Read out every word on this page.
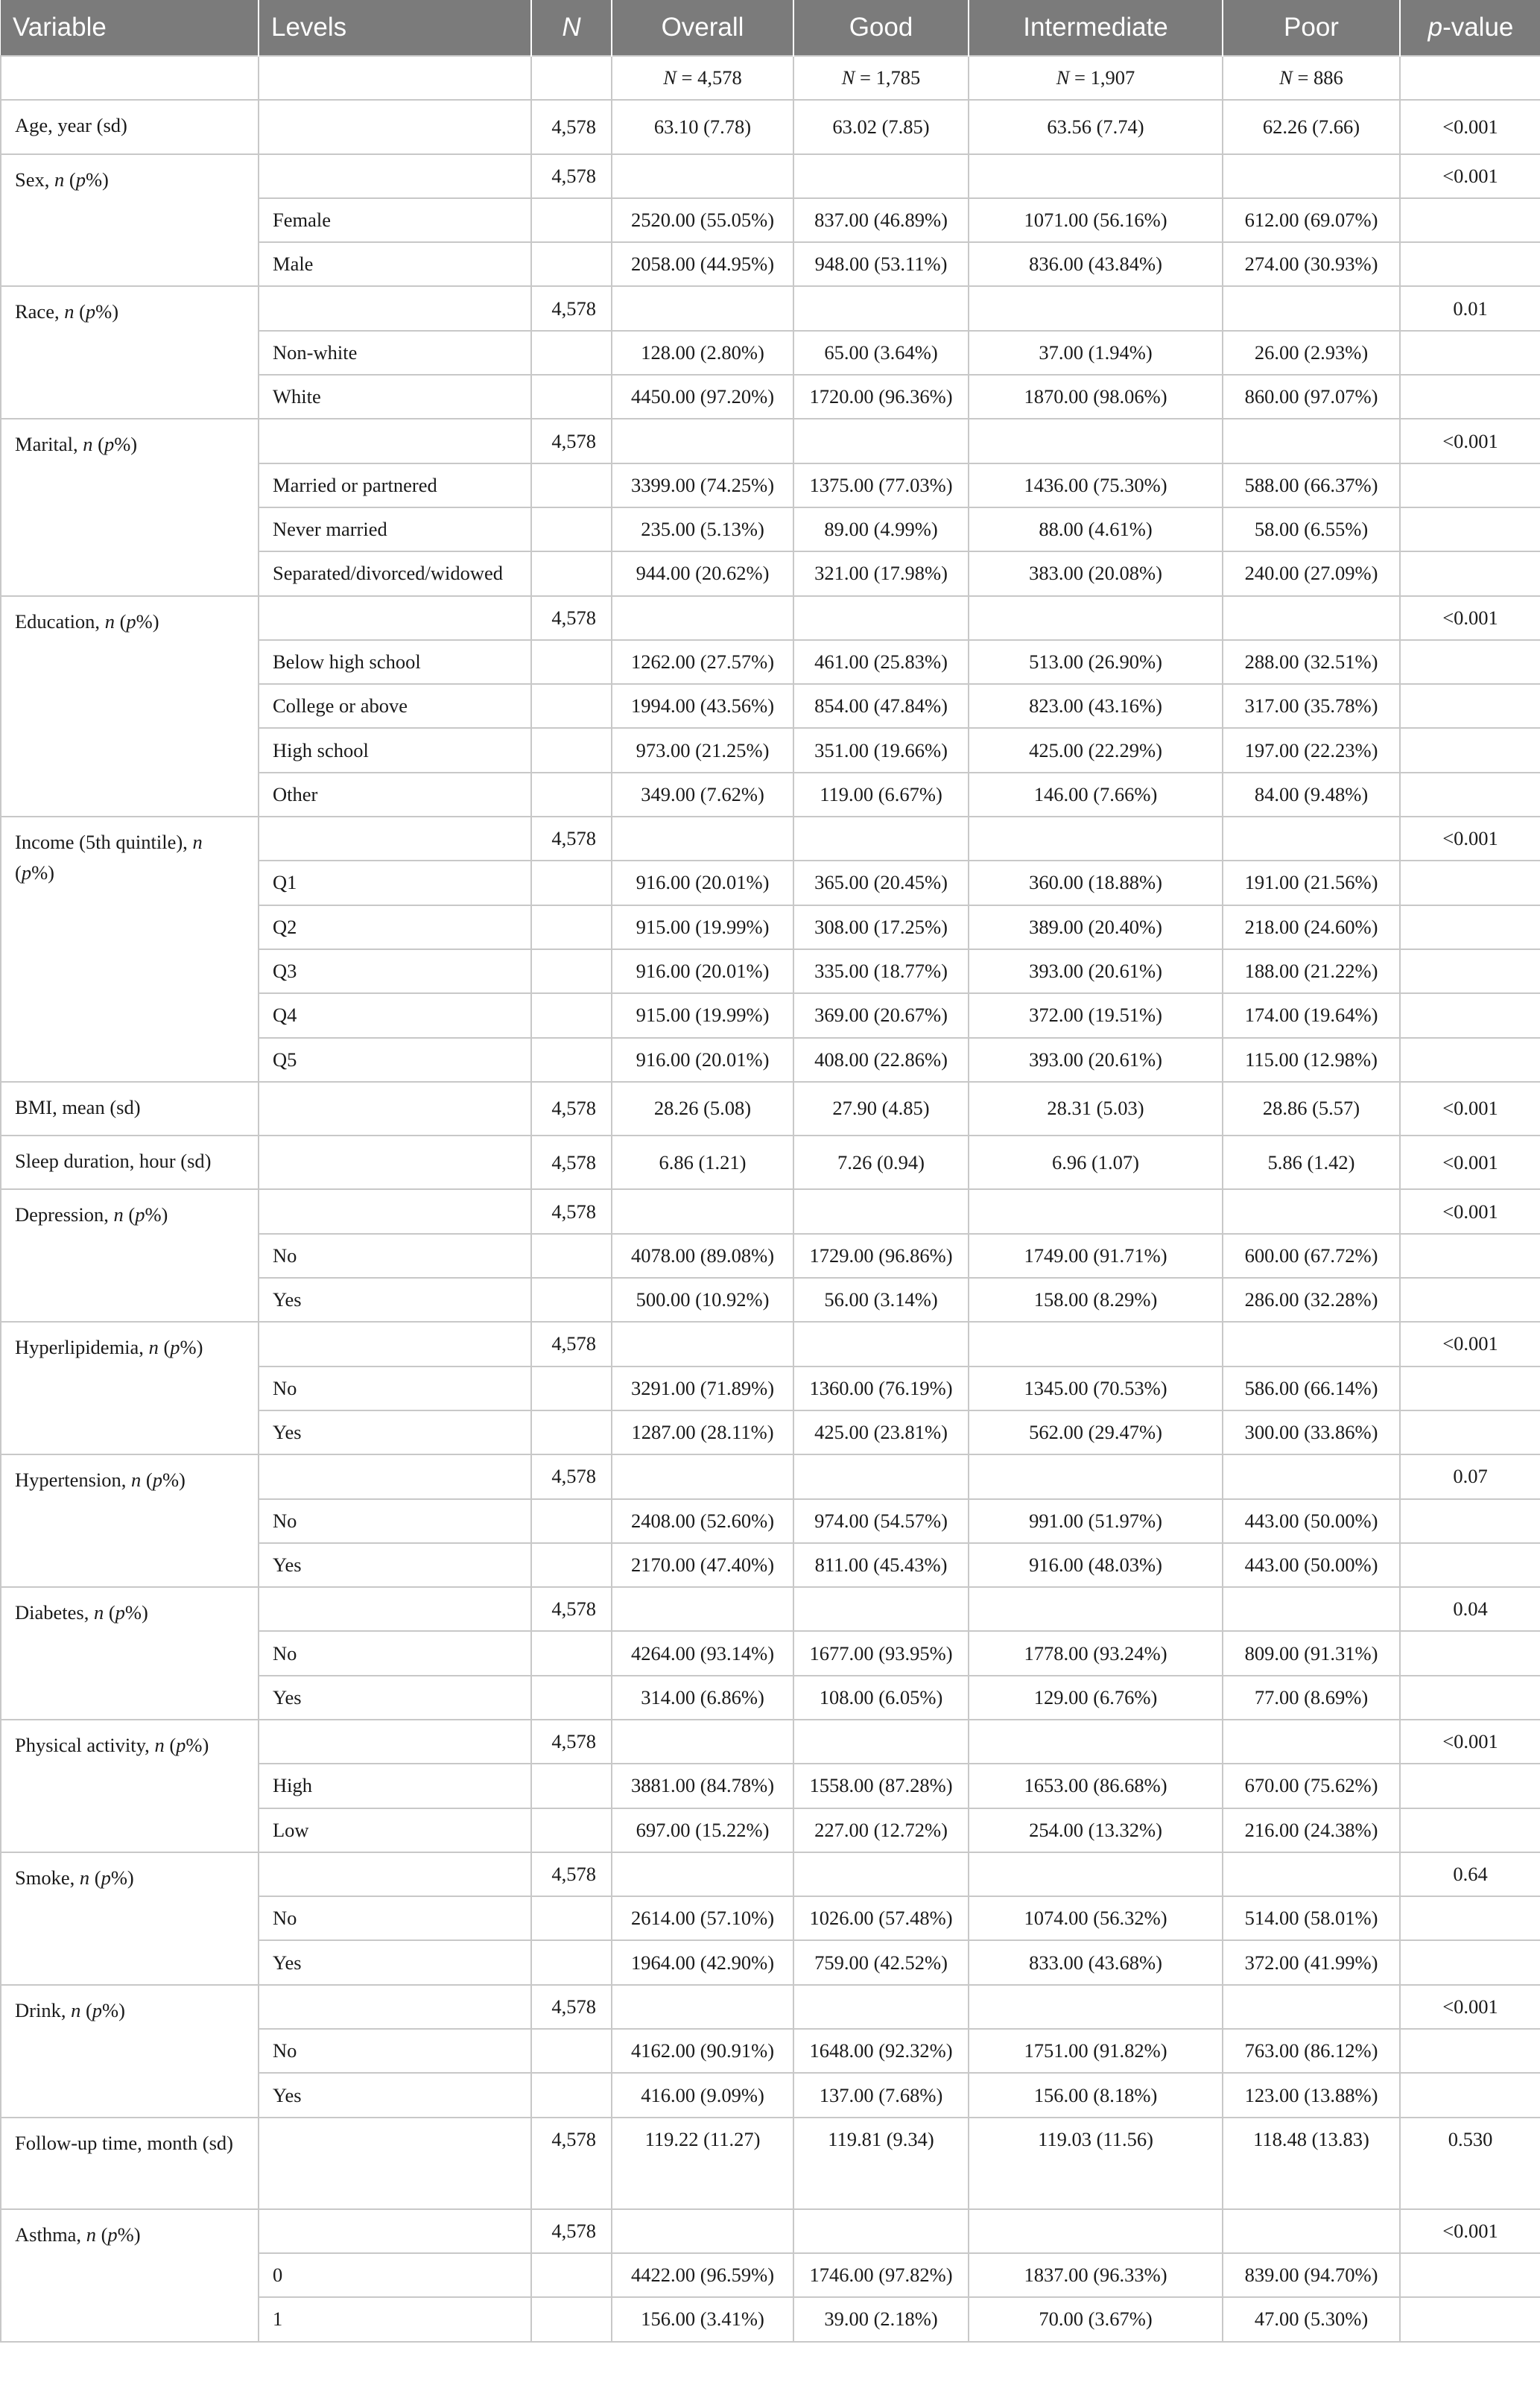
Variable	Levels	N	Overall	Good	Intermediate	Poor	p-value
			N = 4,578	N = 1,785	N = 1,907	N = 886	
Age, year (sd)		4,578	63.10 (7.78)	63.02 (7.85)	63.56 (7.74)	62.26 (7.66)	<0.001
Sex, n (p%)		4,578					<0.001
	Female		2520.00 (55.05%)	837.00 (46.89%)	1071.00 (56.16%)	612.00 (69.07%)	
	Male		2058.00 (44.95%)	948.00 (53.11%)	836.00 (43.84%)	274.00 (30.93%)	
Race, n (p%)		4,578					0.01
	Non-white		128.00 (2.80%)	65.00 (3.64%)	37.00 (1.94%)	26.00 (2.93%)	
	White		4450.00 (97.20%)	1720.00 (96.36%)	1870.00 (98.06%)	860.00 (97.07%)	
Marital, n (p%)		4,578					<0.001
	Married or partnered		3399.00 (74.25%)	1375.00 (77.03%)	1436.00 (75.30%)	588.00 (66.37%)	
	Never married		235.00 (5.13%)	89.00 (4.99%)	88.00 (4.61%)	58.00 (6.55%)	
	Separated/divorced/widowed		944.00 (20.62%)	321.00 (17.98%)	383.00 (20.08%)	240.00 (27.09%)	
Education, n (p%)		4,578					<0.001
	Below high school		1262.00 (27.57%)	461.00 (25.83%)	513.00 (26.90%)	288.00 (32.51%)	
	College or above		1994.00 (43.56%)	854.00 (47.84%)	823.00 (43.16%)	317.00 (35.78%)	
	High school		973.00 (21.25%)	351.00 (19.66%)	425.00 (22.29%)	197.00 (22.23%)	
	Other		349.00 (7.62%)	119.00 (6.67%)	146.00 (7.66%)	84.00 (9.48%)	
Income (5th quintile), n (p%)		4,578					<0.001
	Q1		916.00 (20.01%)	365.00 (20.45%)	360.00 (18.88%)	191.00 (21.56%)	
	Q2		915.00 (19.99%)	308.00 (17.25%)	389.00 (20.40%)	218.00 (24.60%)	
	Q3		916.00 (20.01%)	335.00 (18.77%)	393.00 (20.61%)	188.00 (21.22%)	
	Q4		915.00 (19.99%)	369.00 (20.67%)	372.00 (19.51%)	174.00 (19.64%)	
	Q5		916.00 (20.01%)	408.00 (22.86%)	393.00 (20.61%)	115.00 (12.98%)	
BMI, mean (sd)		4,578	28.26 (5.08)	27.90 (4.85)	28.31 (5.03)	28.86 (5.57)	<0.001
Sleep duration, hour (sd)		4,578	6.86 (1.21)	7.26 (0.94)	6.96 (1.07)	5.86 (1.42)	<0.001
Depression, n (p%)		4,578					<0.001
	No		4078.00 (89.08%)	1729.00 (96.86%)	1749.00 (91.71%)	600.00 (67.72%)	
	Yes		500.00 (10.92%)	56.00 (3.14%)	158.00 (8.29%)	286.00 (32.28%)	
Hyperlipidemia, n (p%)		4,578					<0.001
	No		3291.00 (71.89%)	1360.00 (76.19%)	1345.00 (70.53%)	586.00 (66.14%)	
	Yes		1287.00 (28.11%)	425.00 (23.81%)	562.00 (29.47%)	300.00 (33.86%)	
Hypertension, n (p%)		4,578					0.07
	No		2408.00 (52.60%)	974.00 (54.57%)	991.00 (51.97%)	443.00 (50.00%)	
	Yes		2170.00 (47.40%)	811.00 (45.43%)	916.00 (48.03%)	443.00 (50.00%)	
Diabetes, n (p%)		4,578					0.04
	No		4264.00 (93.14%)	1677.00 (93.95%)	1778.00 (93.24%)	809.00 (91.31%)	
	Yes		314.00 (6.86%)	108.00 (6.05%)	129.00 (6.76%)	77.00 (8.69%)	
Physical activity, n (p%)		4,578					<0.001
	High		3881.00 (84.78%)	1558.00 (87.28%)	1653.00 (86.68%)	670.00 (75.62%)	
	Low		697.00 (15.22%)	227.00 (12.72%)	254.00 (13.32%)	216.00 (24.38%)	
Smoke, n (p%)		4,578					0.64
	No		2614.00 (57.10%)	1026.00 (57.48%)	1074.00 (56.32%)	514.00 (58.01%)	
	Yes		1964.00 (42.90%)	759.00 (42.52%)	833.00 (43.68%)	372.00 (41.99%)	
Drink, n (p%)		4,578					<0.001
	No		4162.00 (90.91%)	1648.00 (92.32%)	1751.00 (91.82%)	763.00 (86.12%)	
	Yes		416.00 (9.09%)	137.00 (7.68%)	156.00 (8.18%)	123.00 (13.88%)	
Follow-up time, month (sd)		4,578	119.22 (11.27)	119.81 (9.34)	119.03 (11.56)	118.48 (13.83)	0.530
Asthma, n (p%)		4,578					<0.001
	0		4422.00 (96.59%)	1746.00 (97.82%)	1837.00 (96.33%)	839.00 (94.70%)	
	1		156.00 (3.41%)	39.00 (2.18%)	70.00 (3.67%)	47.00 (5.30%)	
